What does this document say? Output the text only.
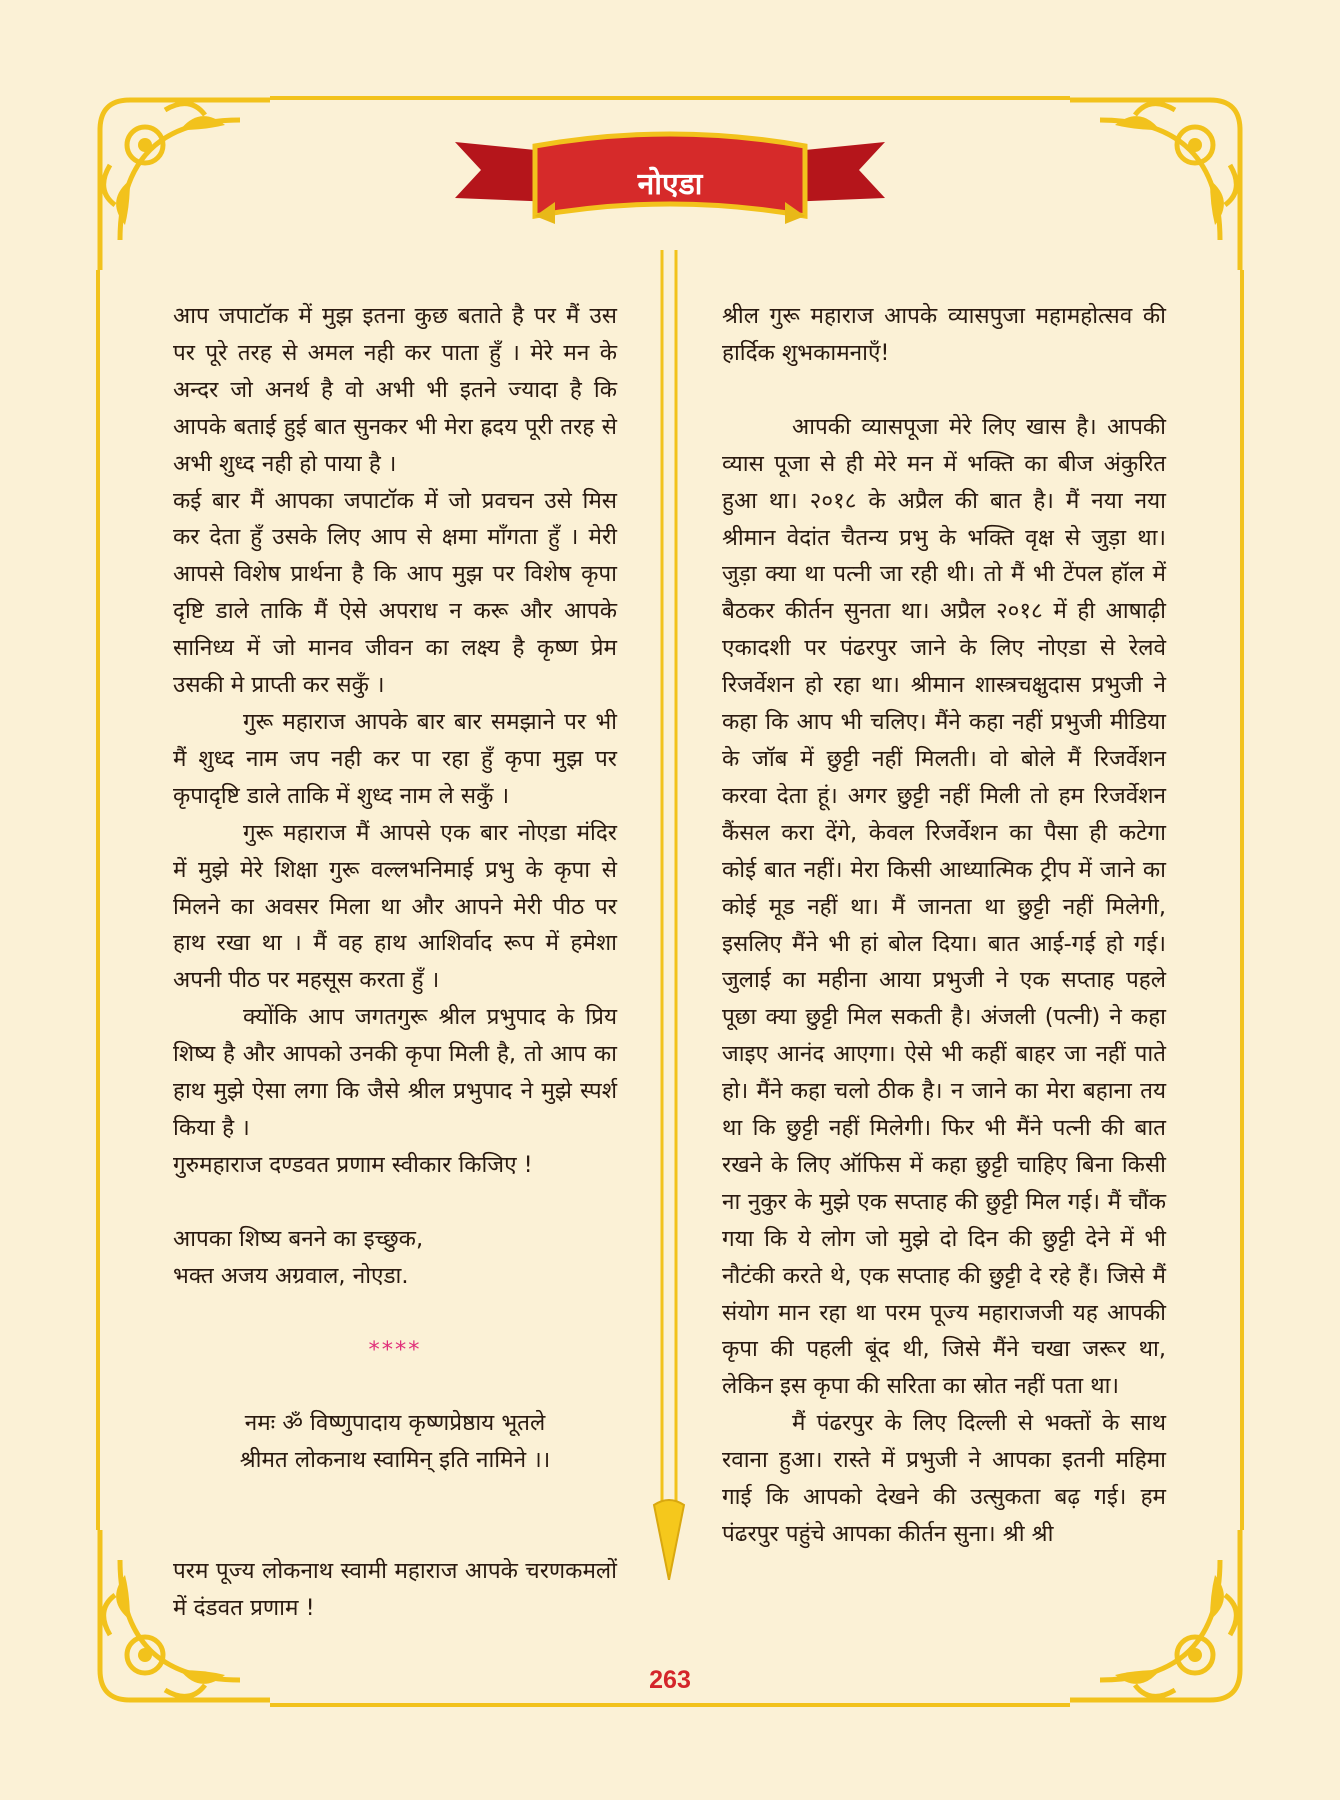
नोएडा

आप जपाटॉक में मुझ इतना कुछ बताते है पर मैं उस पर पूरे तरह से अमल नही कर पाता हुँ । मेरे मन के अन्दर जो अनर्थ है वो अभी भी इतने ज्यादा है कि आपके बताई हुई बात सुनकर भी मेरा ह्रदय पूरी तरह से अभी शुध्द नही हो पाया है ।

कई बार मैं आपका जपाटॉक में जो प्रवचन उसे मिस कर देता हुँ उसके लिए आप से क्षमा माँगता हुँ । मेरी आपसे विशेष प्रार्थना है कि आप मुझ पर विशेष कृपा दृष्टि डाले ताकि मैं ऐसे अपराध न करू और आपके सानिध्य में जो मानव जीवन का लक्ष्य है कृष्ण प्रेम उसकी मे प्राप्ती कर सकुँ ।

गुरू महाराज आपके बार बार समझाने पर भी मैं शुध्द नाम जप नही कर पा रहा हुँ कृपा मुझ पर कृपादृष्टि डाले ताकि में शुध्द नाम ले सकुँ ।

गुरू महाराज मैं आपसे एक बार नोएडा मंदिर में मुझे मेरे शिक्षा गुरू वल्लभनिमाई प्रभु के कृपा से मिलने का अवसर मिला था और आपने मेरी पीठ पर हाथ रखा था । मैं वह हाथ आशिर्वाद रूप में हमेशा अपनी पीठ पर महसूस करता हुँ ।

क्योंकि आप जगतगुरू श्रील प्रभुपाद के प्रिय शिष्य है और आपको उनकी कृपा मिली है, तो आप का हाथ मुझे ऐसा लगा कि जैसे श्रील प्रभुपाद ने मुझे स्पर्श किया है ।

गुरुमहाराज दण्डवत प्रणाम स्वीकार किजिए !

आपका शिष्य बनने का इच्छुक,

भक्त अजय अग्रवाल, नोएडा.

****

नमः ॐ विष्णुपादाय कृष्णप्रेष्ठाय भूतले

श्रीमत लोकनाथ स्वामिन् इति नामिने ।।

परम पूज्य लोकनाथ स्वामी महाराज आपके चरणकमलों में दंडवत प्रणाम !

श्रील गुरू महाराज आपके व्यासपुजा महामहोत्सव की हार्दिक शुभकामनाएँ!

आपकी व्यासपूजा मेरे लिए खास है। आपकी व्यास पूजा से ही मेरे मन में भक्ति का बीज अंकुरित हुआ था। २०१८ के अप्रैल की बात है। मैं नया नया श्रीमान वेदांत चैतन्य प्रभु के भक्ति वृक्ष से जुड़ा था। जुड़ा क्या था पत्नी जा रही थी। तो मैं भी टेंपल हॉल में बैठकर कीर्तन सुनता था। अप्रैल २०१८ में ही आषाढ़ी एकादशी पर पंढरपुर जाने के लिए नोएडा से रेलवे रिजर्वेशन हो रहा था। श्रीमान शास्त्रचक्षुदास प्रभुजी ने कहा कि आप भी चलिए। मैंने कहा नहीं प्रभुजी मीडिया के जॉब में छुट्टी नहीं मिलती। वो बोले मैं रिजर्वेशन करवा देता हूं। अगर छुट्टी नहीं मिली तो हम रिजर्वेशन कैंसल करा देंगे, केवल रिजर्वेशन का पैसा ही कटेगा कोई बात नहीं। मेरा किसी आध्यात्मिक ट्रीप में जाने का कोई मूड नहीं था। मैं जानता था छुट्टी नहीं मिलेगी, इसलिए मैंने भी हां बोल दिया। बात आई-गई हो गई। जुलाई का महीना आया प्रभुजी ने एक सप्ताह पहले पूछा क्या छुट्टी मिल सकती है। अंजली (पत्नी) ने कहा जाइए आनंद आएगा। ऐसे भी कहीं बाहर जा नहीं पाते हो। मैंने कहा चलो ठीक है। न जाने का मेरा बहाना तय था कि छुट्टी नहीं मिलेगी। फिर भी मैंने पत्नी की बात रखने के लिए ऑफिस में कहा छुट्टी चाहिए बिना किसी ना नुकुर के मुझे एक सप्ताह की छुट्टी मिल गई। मैं चौंक गया कि ये लोग जो मुझे दो दिन की छुट्टी देने में भी नौटंकी करते थे, एक सप्ताह की छुट्टी दे रहे हैं। जिसे मैं संयोग मान रहा था परम पूज्य महाराजजी यह आपकी कृपा की पहली बूंद थी, जिसे मैंने चखा जरूर था, लेकिन इस कृपा की सरिता का स्रोत नहीं पता था।

मैं पंढरपुर के लिए दिल्ली से भक्तों के साथ रवाना हुआ। रास्ते में प्रभुजी ने आपका इतनी महिमा गाई कि आपको देखने की उत्सुकता बढ़ गई। हम पंढरपुर पहुंचे आपका कीर्तन सुना। श्री श्री

263
